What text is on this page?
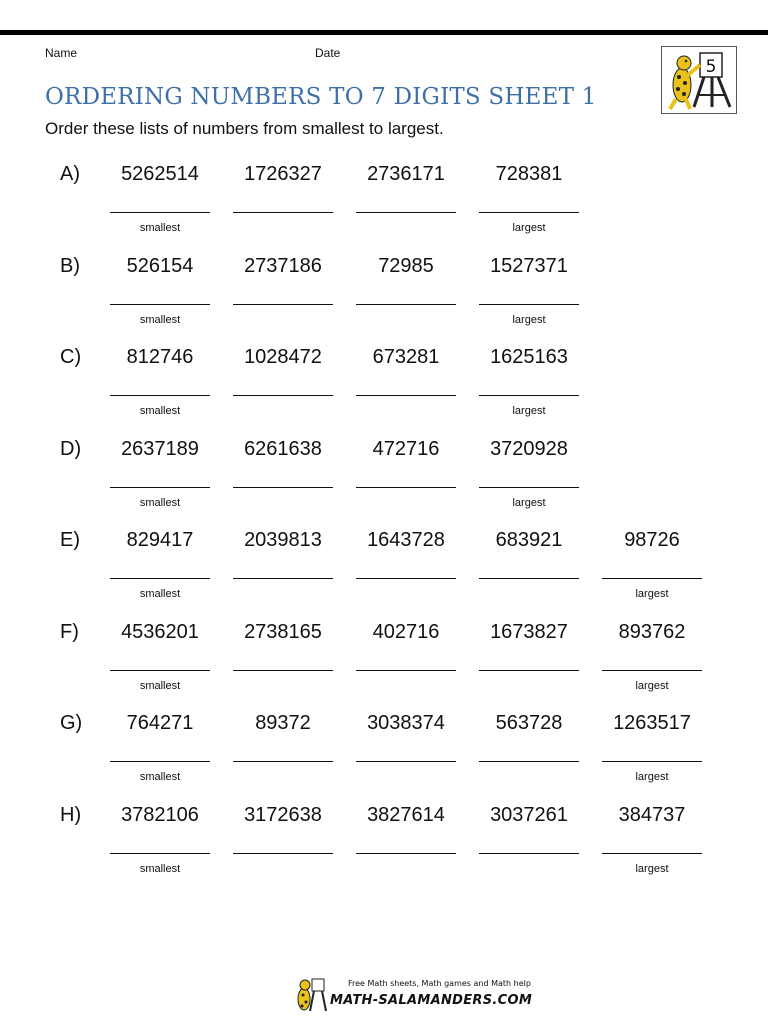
Name	Date
5
ORDERING NUMBERS TO 7 DIGITS SHEET 1
Order these lists of numbers from smallest to largest.
A)	5262514	1726327	2736171	728381
smallest	largest
B)	526154	2737186	72985	1527371
smallest	largest
C)	812746	1028472	673281	1625163
smallest	largest
D)	2637189	6261638	472716	3720928
smallest	largest
E)	829417	2039813	1643728	683921	98726
smallest	largest
F)	4536201	2738165	402716	1673827	893762
smallest	largest
G)	764271	89372	3038374	563728	1263517
smallest	largest
H)	3782106	3172638	3827614	3037261	384737
smallest	largest
Free Math sheets, Math games and Math help
MATH-SALAMANDERS.COM
